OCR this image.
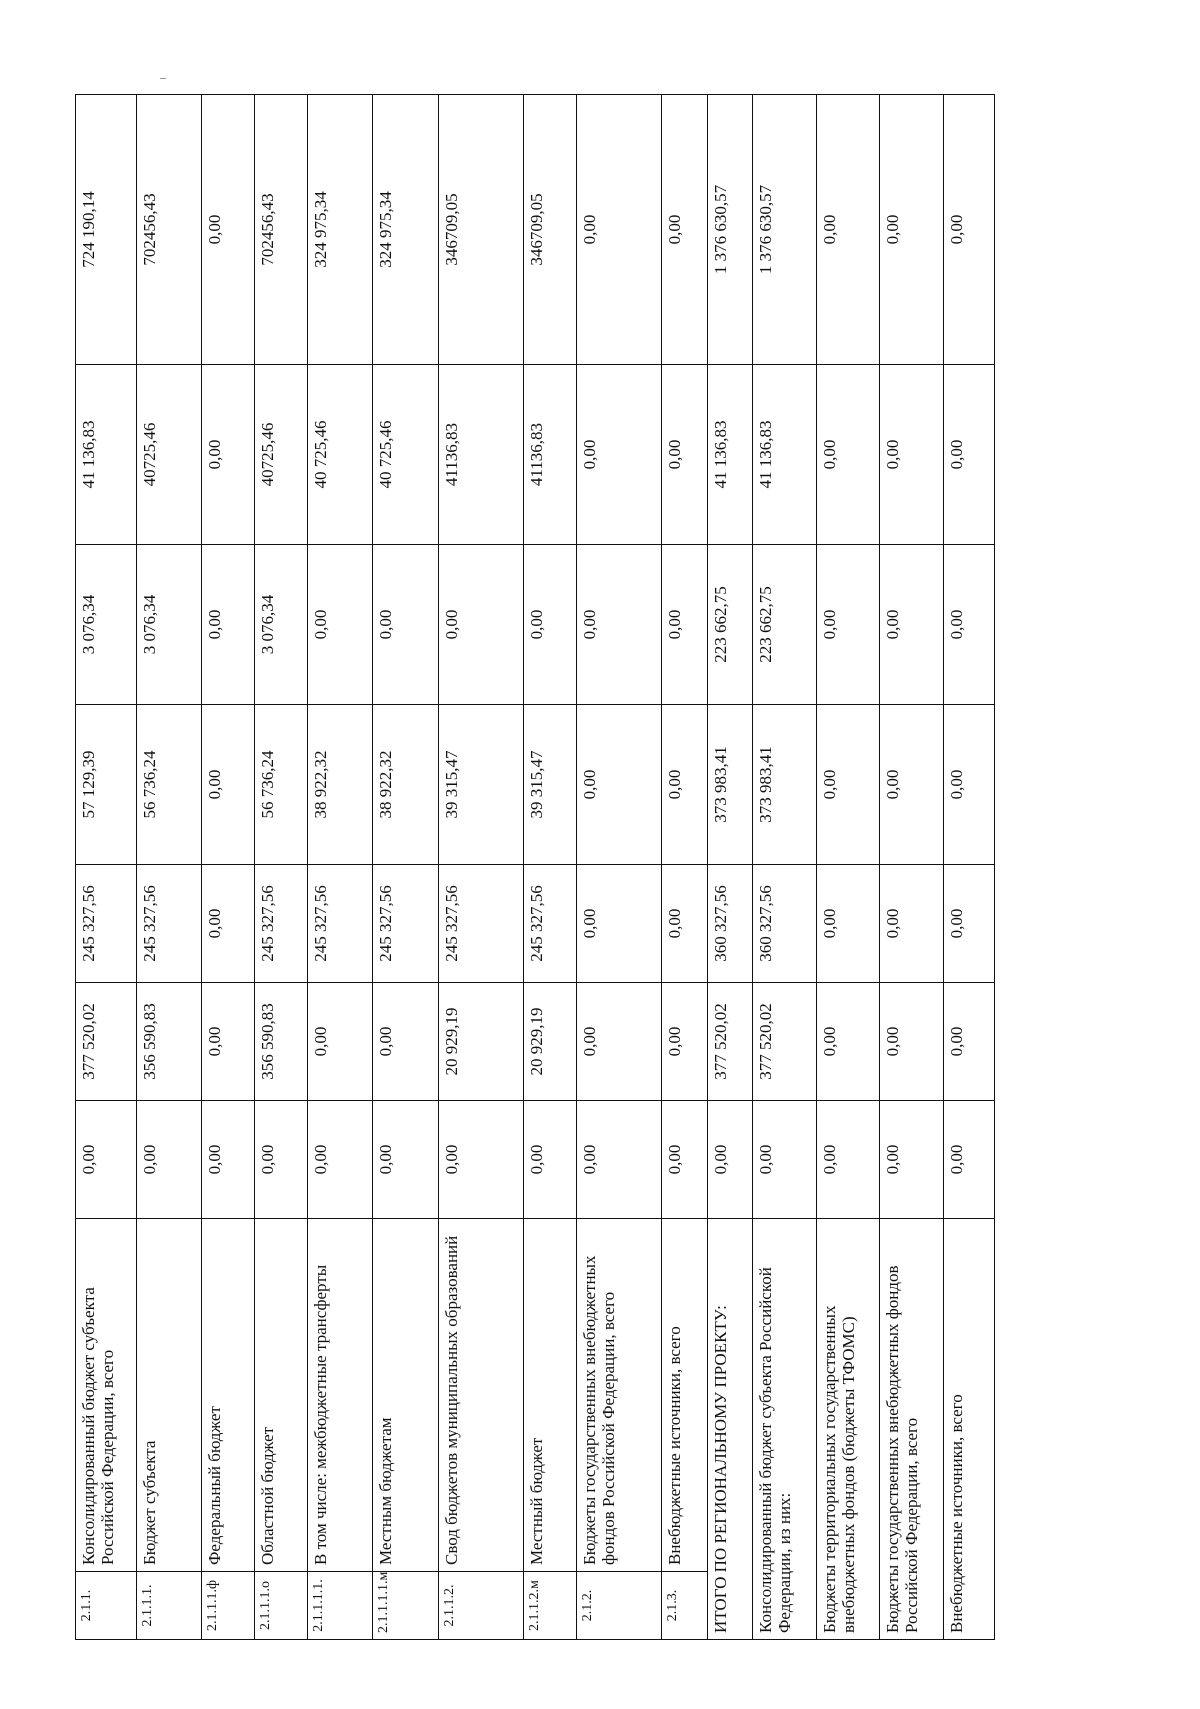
2.1.1.	Консолидированный бюджет субъекта Российской Федерации, всего	0,00	377 520,02	245 327,56	57 129,39	3 076,34	41 136,83	724 190,14
2.1.1.1.	Бюджет субъекта	0,00	356 590,83	245 327,56	56 736,24	3 076,34	40725,46	702456,43
2.1.1.1.ф	Федеральный бюджет	0,00	0,00	0,00	0,00	0,00	0,00	0,00
2.1.1.1.о	Областной бюджет	0,00	356 590,83	245 327,56	56 736,24	3 076,34	40725,46	702456,43
2.1.1.1.1.	В том числе: межбюджетные трансферты	0,00	0,00	245 327,56	38 922,32	0,00	40 725,46	324 975,34
2.1.1.1.1.м	Местным бюджетам	0,00	0,00	245 327,56	38 922,32	0,00	40 725,46	324 975,34
2.1.1.2.	Свод бюджетов муниципальных образований	0,00	20 929,19	245 327,56	39 315,47	0,00	41136,83	346709,05
2.1.1.2.м	Местный бюджет	0,00	20 929,19	245 327,56	39 315,47	0,00	41136,83	346709,05
2.1.2.	Бюджеты государственных внебюджетных фондов Российской Федерации, всего	0,00	0,00	0,00	0,00	0,00	0,00	0,00
2.1.3.	Внебюджетные источники, всего	0,00	0,00	0,00	0,00	0,00	0,00	0,00
ИТОГО ПО РЕГИОНАЛЬНОМУ ПРОЕКТУ:		0,00	377 520,02	360 327,56	373 983,41	223 662,75	41 136,83	1 376 630,57
Консолидированный бюджет субъекта Российской Федерации, из них:		0,00	377 520,02	360 327,56	373 983,41	223 662,75	41 136,83	1 376 630,57
Бюджеты территориальных государственных внебюджетных фондов (бюджеты ТФОМС)		0,00	0,00	0,00	0,00	0,00	0,00	0,00
Бюджеты государственных внебюджетных фондов Российской Федерации, всего		0,00	0,00	0,00	0,00	0,00	0,00	0,00
Внебюджетные источники, всего		0,00	0,00	0,00	0,00	0,00	0,00	0,00
